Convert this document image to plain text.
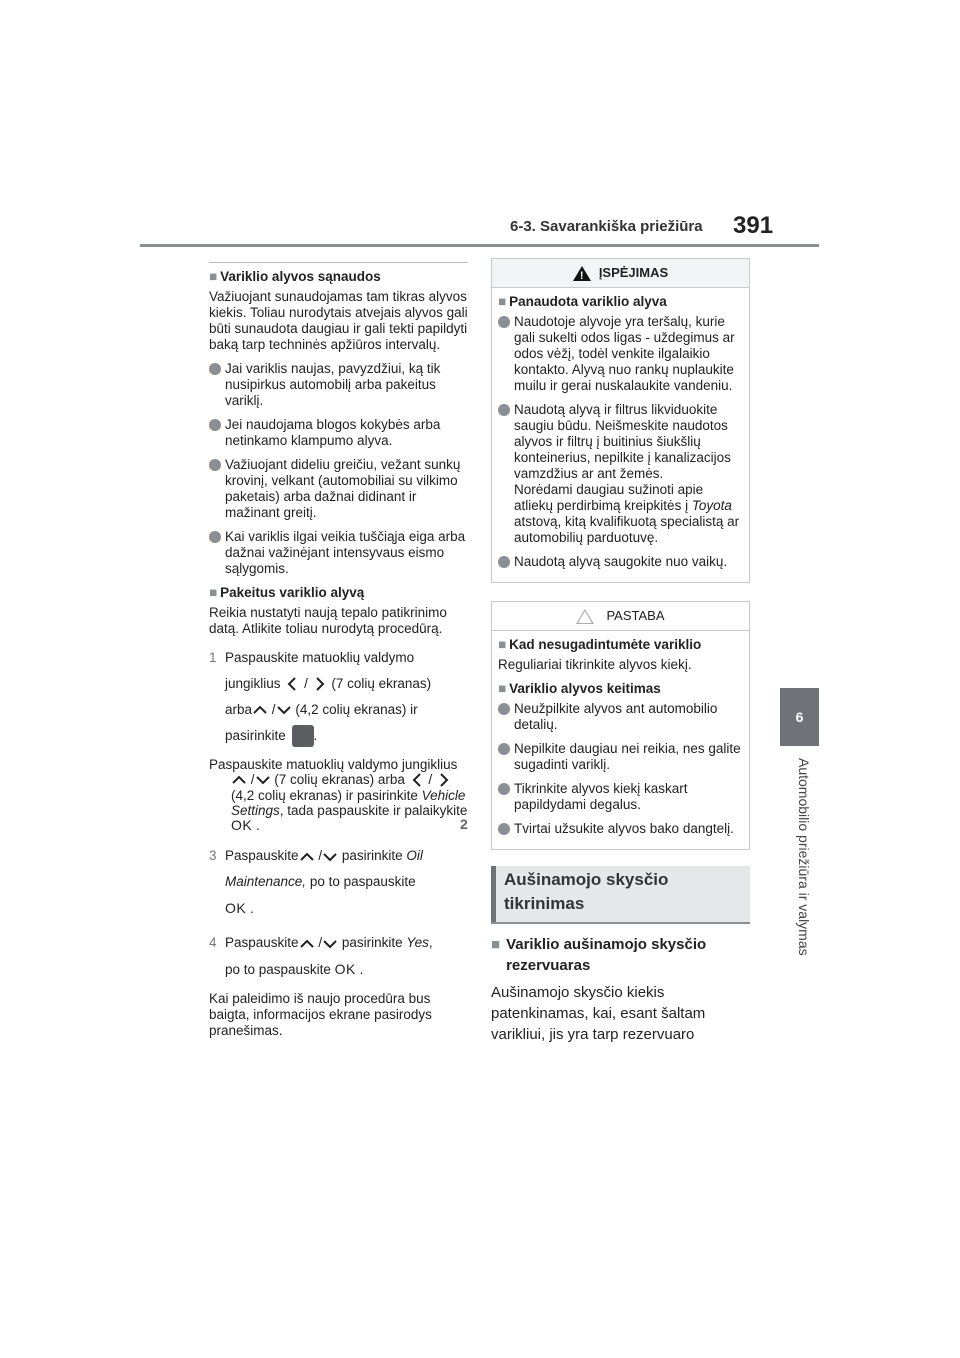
6-3. Savarankiška priežiūra 391
6
Automobilio priežiūra ir valymas
■ Variklio alyvos sąnaudos

Važiuojant sunaudojamas tam tikras alyvos kiekis. Toliau nurodytais atvejais alyvos gali būti sunaudota daugiau ir gali tekti papildyti baką tarp techninės apžiūros intervalų.

Jai variklis naujas, pavyzdžiui, ką tik nusipirkus automobilį arba pakeitus variklį.
Jei naudojama blogos kokybės arba netinkamo klampumo alyva.
Važiuojant dideliu greičiu, vežant sunkų krovinį, velkant (automobiliai su vilkimo paketais) arba dažnai didinant ir mažinant greitį.
Kai variklis ilgai veikia tuščiąja eiga arba dažnai važinėjant intensyvaus eismo sąlygomis.
■ Pakeitus variklio alyvą

Reikia nustatyti naują tepalo patikrinimo datą. Atlikite toliau nurodytą procedūrą.

1 Paspauskite matuoklių valdymo
jungiklius / (7 colių ekranas)
arba / (4,2 colių ekranas) ir
pasirinkite .
Paspauskite matuoklių valdymo jungiklius / (7 colių ekranas) arba /  (4,2 colių ekranas) ir pasirinkite Vehicle Settings, tada paspauskite ir palaikykite OK .
3 Paspauskite / pasirinkite Oil
Maintenance, po to paspauskite
OK .
4 Paspauskite / pasirinkite Yes,
po to paspauskite OK .

Kai paleidimo iš naujo procedūra bus baigta, informacijos ekrane pasirodys pranešimas.

2
!
ĮSPĖJIMAS
■ Panaudota variklio alyva
Naudotoje alyvoje yra teršalų, kurie gali sukelti odos ligas - uždegimus ar odos vėžį, todėl venkite ilgalaikio kontakto. Alyvą nuo rankų nuplaukite muilu ir gerai nuskalaukite vandeniu.
Naudotą alyvą ir filtrus likviduokite saugiu būdu. Neišmeskite naudotos alyvos ir filtrų į buitinius šiukšlių konteinerius, nepilkite į kanalizacijos vamzdžius ar ant žemės.
Norėdami daugiau sužinoti apie atliekų perdirbimą kreipkitės į Toyota atstovą, kitą kvalifikuotą specialistą ar automobilių parduotuvę.
Naudotą alyvą saugokite nuo vaikų.
PASTABA
■ Kad nesugadintumėte variklio

Reguliariai tikrinkite alyvos kiekį.

■ Variklio alyvos keitimas
Neužpilkite alyvos ant automobilio detalių.
Nepilkite daugiau nei reikia, nes galite sugadinti variklį.
Tikrinkite alyvos kiekį kaskart papildydami degalus.
Tvirtai užsukite alyvos bako dangtelį.
Aušinamojo skysčio
tikrinimas
■ Variklio aušinamojo skysčio
rezervuaras

Aušinamojo skysčio kiekis

patenkinamas, kai, esant šaltam

varikliui, jis yra tarp rezervuaro
